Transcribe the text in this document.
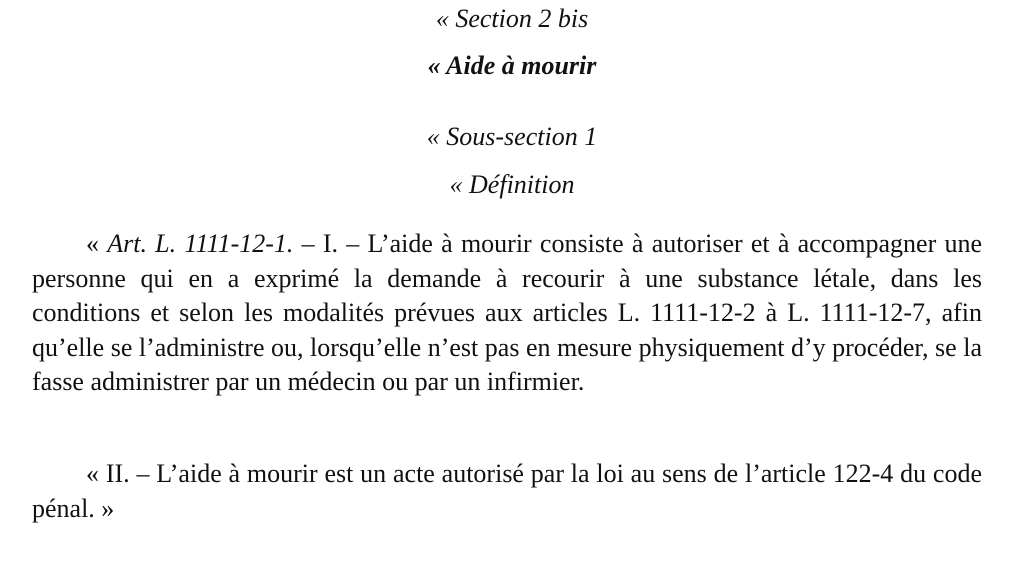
« Section 2 bis
« Aide à mourir
« Sous-section 1
« Définition

« Art. L. 1111-12-1. – I. – L’aide à mourir consiste à autoriser et à accompagner une personne qui en a exprimé la demande à recourir à une substance létale, dans les conditions et selon les modalités prévues aux articles L. 1111-12-2 à L. 1111-12-7, afin qu’elle se l’administre ou, lorsqu’elle n’est pas en mesure physiquement d’y procéder, se la fasse administrer par un médecin ou par un infirmier.

« II. – L’aide à mourir est un acte autorisé par la loi au sens de l’article 122-4 du code pénal. »
